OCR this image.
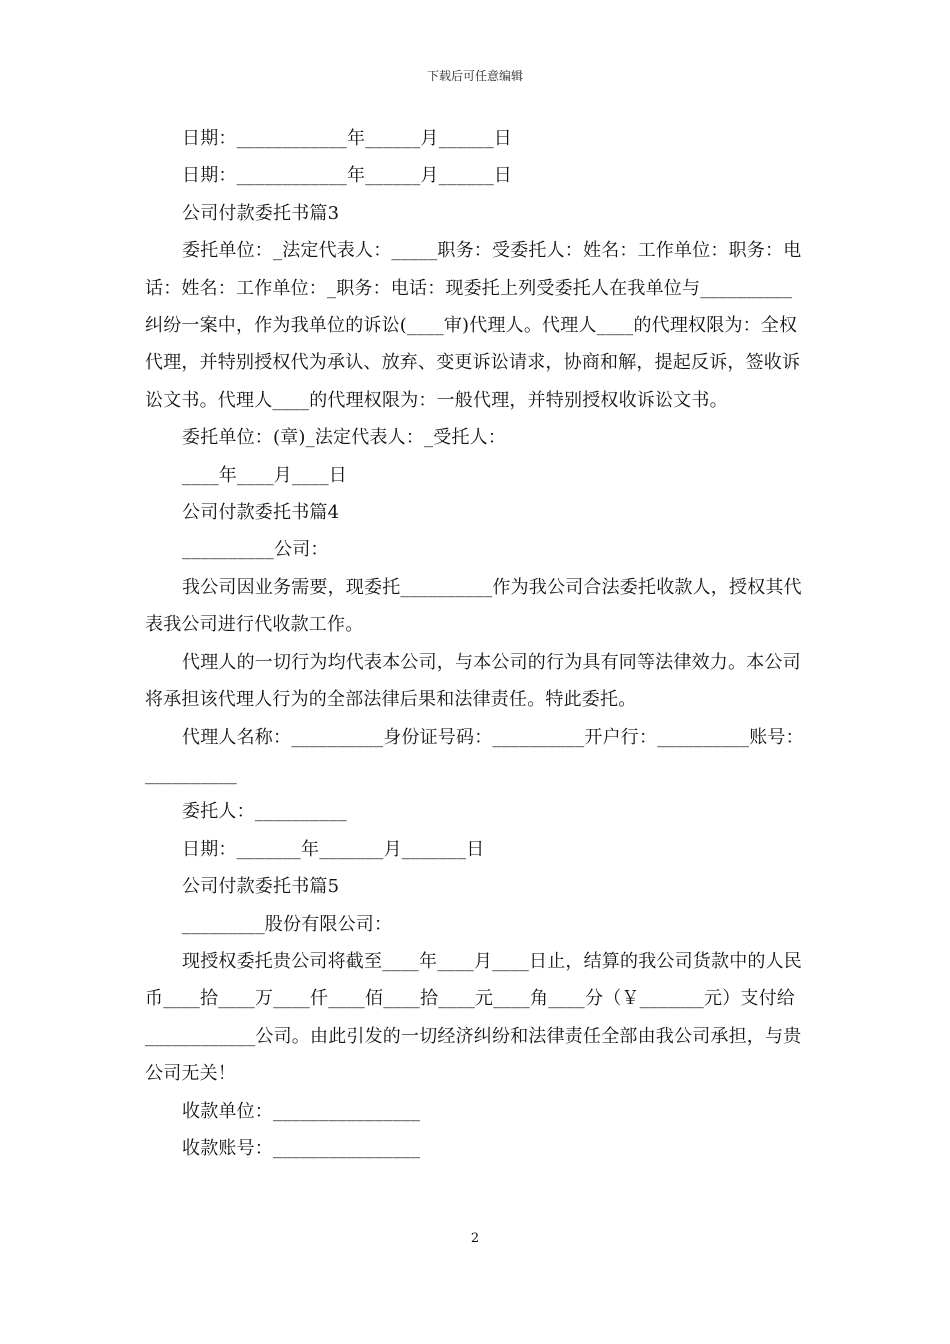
下载后可任意编辑

日期：____________年______月______日

日期：____________年______月______日

公司付款委托书篇3

委托单位：_法定代表人：_____职务：受委托人：姓名：工作单位：职务：电话：姓名：工作单位：_职务：电话：现委托上列受委托人在我单位与__________纠纷一案中，作为我单位的诉讼(____审)代理人。代理人____的代理权限为：全权代理，并特别授权代为承认、放弃、变更诉讼请求，协商和解，提起反诉，签收诉讼文书。代理人____的代理权限为：一般代理，并特别授权收诉讼文书。

委托单位：(章)_法定代表人：_受托人：

____年____月____日

公司付款委托书篇4

__________公司：

我公司因业务需要，现委托__________作为我公司合法委托收款人，授权其代表我公司进行代收款工作。

代理人的一切行为均代表本公司，与本公司的行为具有同等法律效力。本公司将承担该代理人行为的全部法律后果和法律责任。特此委托。

代理人名称：__________身份证号码：__________开户行：__________账号：__________

委托人：__________

日期：_______年_______月_______日

公司付款委托书篇5

_________股份有限公司：

现授权委托贵公司将截至____年____月____日止，结算的我公司货款中的人民币____拾____万____仟____佰____拾____元____角____分（￥_______元）支付给____________公司。由此引发的一切经济纠纷和法律责任全部由我公司承担，与贵公司无关！

收款单位：________________

收款账号：________________

2
